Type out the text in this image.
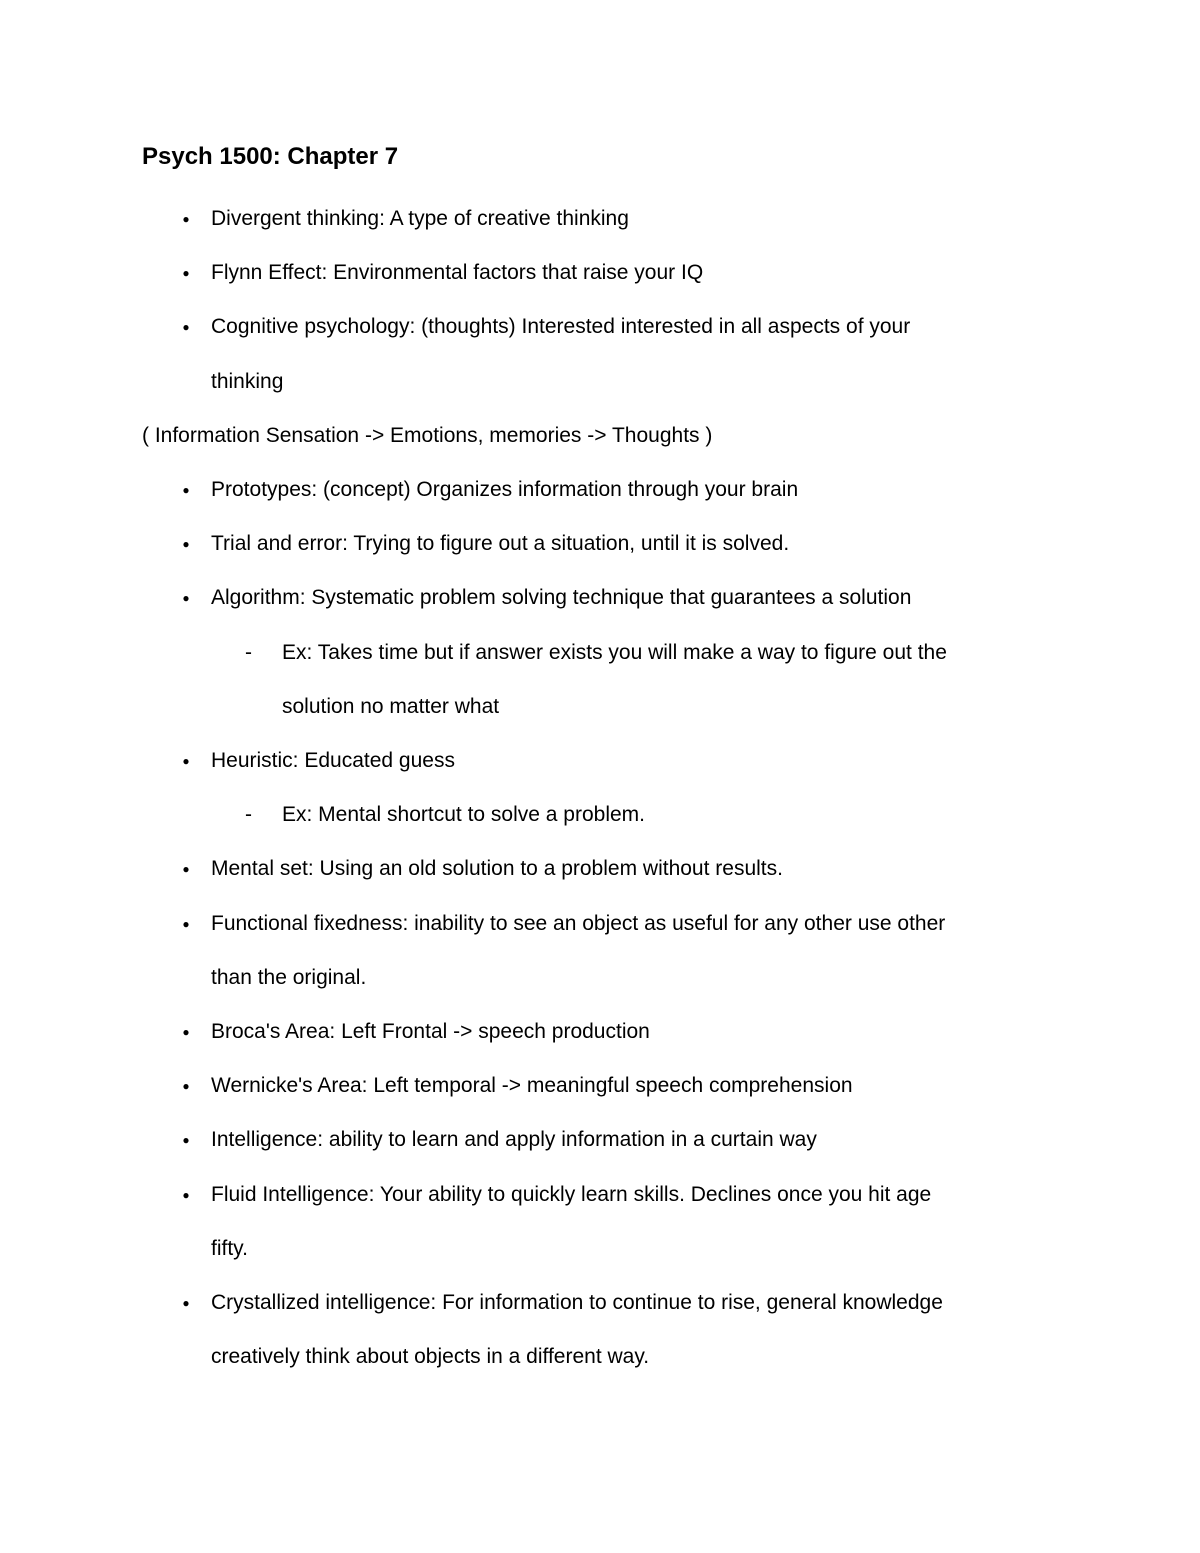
Psych 1500: Chapter 7
● Divergent thinking: A type of creative thinking
● Flynn Effect: Environmental factors that raise your IQ
● Cognitive psychology: (thoughts) Interested interested in all aspects of your
thinking
( Information Sensation -> Emotions, memories -> Thoughts )
● Prototypes: (concept) Organizes information through your brain
● Trial and error: Trying to figure out a situation, until it is solved.
● Algorithm: Systematic problem solving technique that guarantees a solution
- Ex: Takes time but if answer exists you will make a way to figure out the
solution no matter what
● Heuristic: Educated guess
- Ex: Mental shortcut to solve a problem.
● Mental set: Using an old solution to a problem without results.
● Functional fixedness: inability to see an object as useful for any other use other
than the original.
● Broca's Area: Left Frontal -> speech production
● Wernicke's Area: Left temporal -> meaningful speech comprehension
● Intelligence: ability to learn and apply information in a curtain way
● Fluid Intelligence: Your ability to quickly learn skills. Declines once you hit age
fifty.
● Crystallized intelligence: For information to continue to rise, general knowledge
creatively think about objects in a different way.
